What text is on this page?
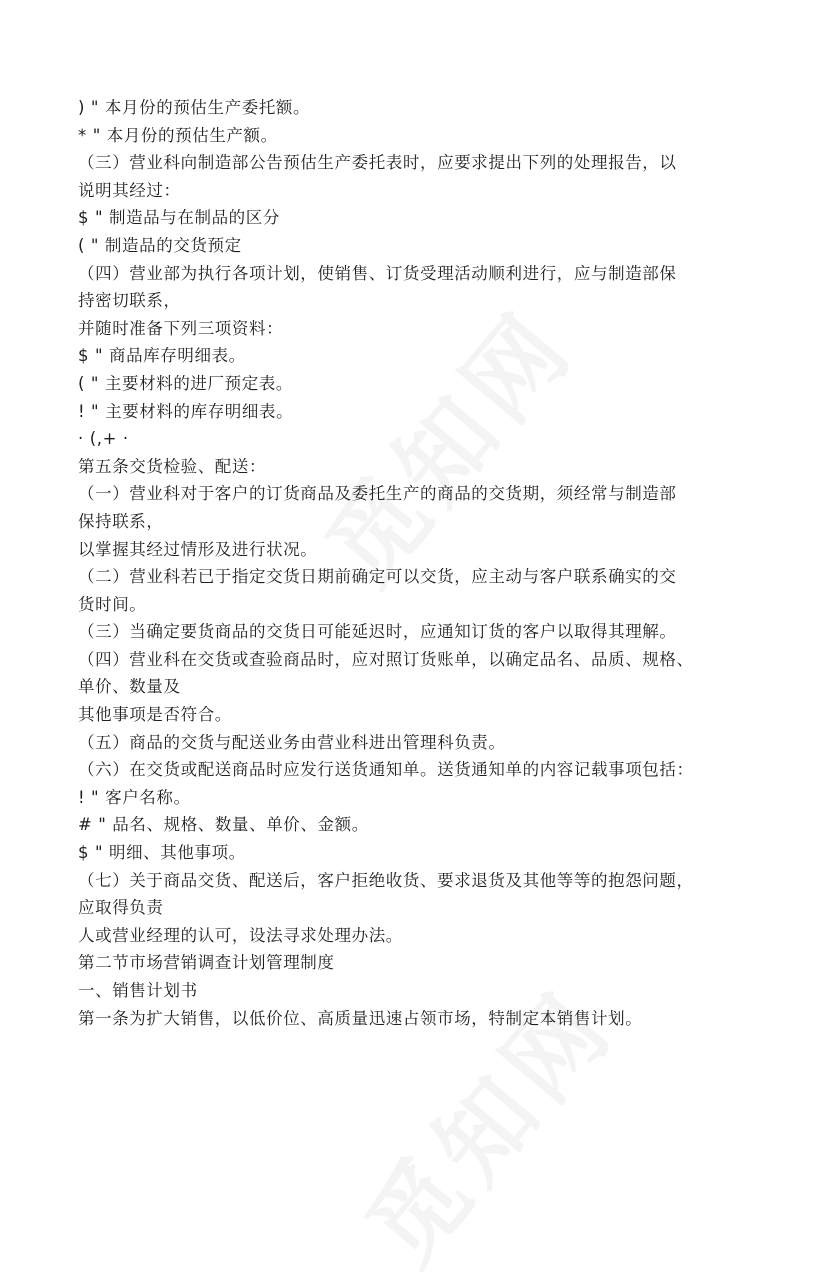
) " 本月份的预估生产委托额。
* " 本月份的预估生产额。
（三）营业科向制造部公告预估生产委托表时，应要求提出下列的处理报告，以
说明其经过：
$ " 制造品与在制品的区分
( " 制造品的交货预定
（四）营业部为执行各项计划，使销售、订货受理活动顺利进行，应与制造部保
持密切联系，
并随时准备下列三项资料：
$ " 商品库存明细表。
( " 主要材料的进厂预定表。
! " 主要材料的库存明细表。
· (,+ ·
第五条交货检验、配送：
（一）营业科对于客户的订货商品及委托生产的商品的交货期，须经常与制造部
保持联系，
以掌握其经过情形及进行状况。
（二）营业科若已于指定交货日期前确定可以交货，应主动与客户联系确实的交
货时间。
（三）当确定要货商品的交货日可能延迟时，应通知订货的客户以取得其理解。
（四）营业科在交货或查验商品时，应对照订货账单，以确定品名、品质、规格、
单价、数量及
其他事项是否符合。
（五）商品的交货与配送业务由营业科进出管理科负责。
（六）在交货或配送商品时应发行送货通知单。送货通知单的内容记载事项包括：
! " 客户名称。
# " 品名、规格、数量、单价、金额。
$ " 明细、其他事项。
（七）关于商品交货、配送后，客户拒绝收货、要求退货及其他等等的抱怨问题，
应取得负责
人或营业经理的认可，设法寻求处理办法。
第二节市场营销调查计划管理制度
一、销售计划书
第一条为扩大销售，以低价位、高质量迅速占领市场，特制定本销售计划。
